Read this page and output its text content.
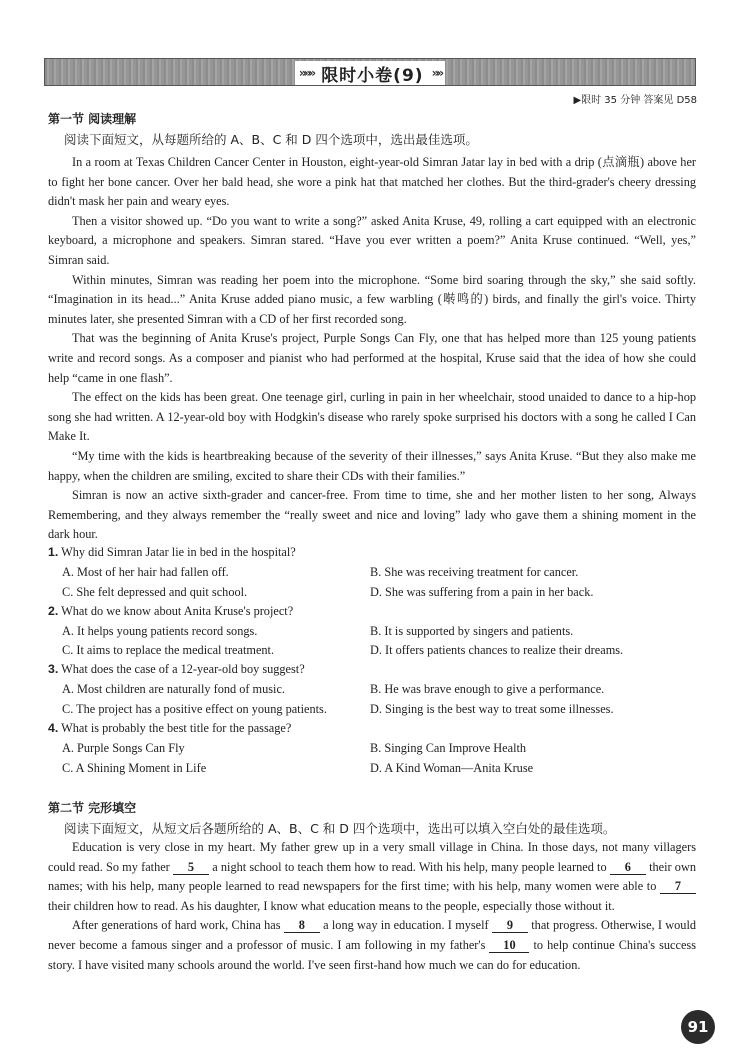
»»» 限时小卷(9) »»
▶限时 35 分钟 答案见 D58
第一节 阅读理解
阅读下面短文，从每题所给的 A、B、C 和 D 四个选项中，选出最佳选项。

In a room at Texas Children Cancer Center in Houston, eight-year-old Simran Jatar lay in bed with a drip (点滴瓶) above her to fight her bone cancer. Over her bald head, she wore a pink hat that matched her clothes. But the third-grader's cheery dressing didn't mask her pain and weary eyes.

Then a visitor showed up. “Do you want to write a song?” asked Anita Kruse, 49, rolling a cart equipped with an electronic keyboard, a microphone and speakers. Simran stared. “Have you ever written a poem?” Anita Kruse continued. “Well, yes,” Simran said.

Within minutes, Simran was reading her poem into the microphone. “Some bird soaring through the sky,” she said softly. “Imagination in its head...” Anita Kruse added piano music, a few warbling (啭鸣的) birds, and finally the girl's voice. Thirty minutes later, she presented Simran with a CD of her first recorded song.

That was the beginning of Anita Kruse's project, Purple Songs Can Fly, one that has helped more than 125 young patients write and record songs. As a composer and pianist who had performed at the hospital, Kruse said that the idea of how she could help “came in one flash”.

The effect on the kids has been great. One teenage girl, curling in pain in her wheelchair, stood unaided to dance to a hip-hop song she had written. A 12-year-old boy with Hodgkin's disease who rarely spoke surprised his doctors with a song he called I Can Make It.

“My time with the kids is heartbreaking because of the severity of their illnesses,” says Anita Kruse. “But they also make me happy, when the children are smiling, excited to share their CDs with their families.”

Simran is now an active sixth-grader and cancer-free. From time to time, she and her mother listen to her song, Always Remembering, and they always remember the “really sweet and nice and loving” lady who gave them a shining moment in the dark hour.

1. Why did Simran Jatar lie in bed in the hospital?
A. Most of her hair had fallen off.	B. She was receiving treatment for cancer.
C. She felt depressed and quit school.	D. She was suffering from a pain in her back.
2. What do we know about Anita Kruse's project?
A. It helps young patients record songs.	B. It is supported by singers and patients.
C. It aims to replace the medical treatment.	D. It offers patients chances to realize their dreams.
3. What does the case of a 12-year-old boy suggest?
A. Most children are naturally fond of music.	B. He was brave enough to give a performance.
C. The project has a positive effect on young patients.	D. Singing is the best way to treat some illnesses.
4. What is probably the best title for the passage?
A. Purple Songs Can Fly	B. Singing Can Improve Health
C. A Shining Moment in Life	D. A Kind Woman—Anita Kruse
第二节 完形填空
阅读下面短文，从短文后各题所给的 A、B、C 和 D 四个选项中，选出可以填入空白处的最佳选项。

Education is very close in my heart. My father grew up in a very small village in China. In those days, not many villagers could read. So my father 5 a night school to teach them how to read. With his help, many people learned to 6 their own names; with his help, many people learned to read newspapers for the first time; with his help, many women were able to 7 their children how to read. As his daughter, I know what education means to the people, especially those without it.

After generations of hard work, China has 8 a long way in education. I myself 9 that progress. Otherwise, I would never become a famous singer and a professor of music. I am following in my father's 10 to help continue China's success story. I have visited many schools around the world. I've seen first-hand how much we can do for education.

91
